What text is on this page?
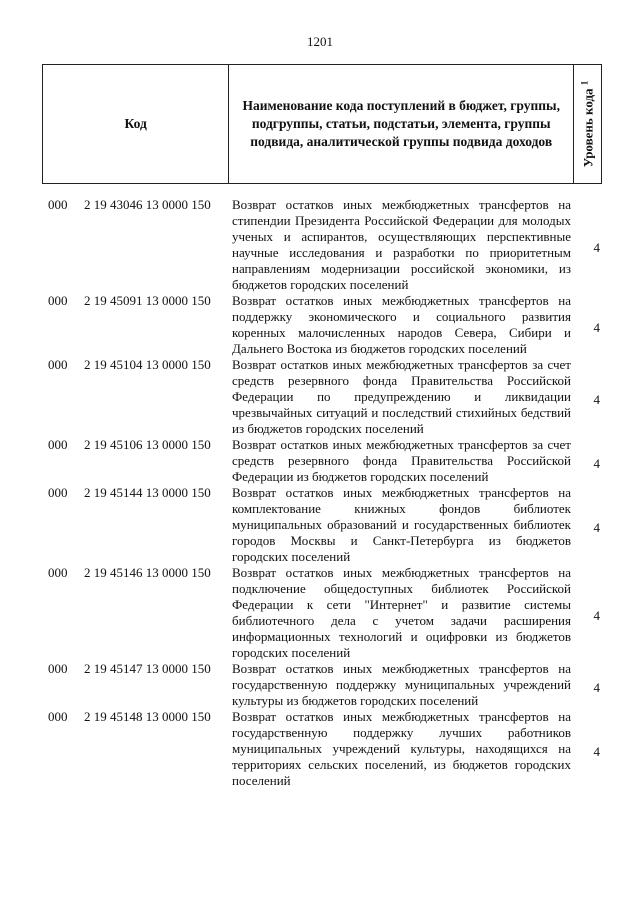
1201
Код
Наименование кода поступлений в бюджет, группы, подгруппы, статьи, подстатьи, элемента, группы подвида, аналитической группы подвида доходов	Уровень кода $^1$
000 2 19 43046 13 0000 150 Возврат остатков иных межбюджетных трансфертов на стипендии Президента Российской Федерации для молодых ученых и аспирантов, осуществляющих перспективные научные исследования и разработки по приоритетным направлениям модернизации российской экономики, из бюджетов городских поселений
4
000 2 19 45091 13 0000 150 Возврат остатков иных межбюджетных трансфертов на поддержку экономического и социального развития коренных малочисленных народов Севера, Сибири и Дальнего Востока из бюджетов городских поселений
4
000 2 19 45104 13 0000 150 Возврат остатков иных межбюджетных трансфертов за счет средств резервного фонда Правительства Российской Федерации по предупреждению и ликвидации чрезвычайных ситуаций и последствий стихийных бедствий из бюджетов городских поселений
4
000 2 19 45106 13 0000 150 Возврат остатков иных межбюджетных трансфертов за счет средств резервного фонда Правительства Российской Федерации из бюджетов городских поселений
4
000 2 19 45144 13 0000 150 Возврат остатков иных межбюджетных трансфертов на комплектование книжных фондов библиотек муниципальных образований и государственных библиотек городов Москвы и Санкт-Петербурга из бюджетов городских поселений
4
000 2 19 45146 13 0000 150 Возврат остатков иных межбюджетных трансфертов на подключение общедоступных библиотек Российской Федерации к сети "Интернет" и развитие системы библиотечного дела с учетом задачи расширения информационных технологий и оцифровки из бюджетов городских поселений
4
000 2 19 45147 13 0000 150 Возврат остатков иных межбюджетных трансфертов на государственную поддержку муниципальных учреждений культуры из бюджетов городских поселений
4
000 2 19 45148 13 0000 150 Возврат остатков иных межбюджетных трансфертов на государственную поддержку лучших работников муниципальных учреждений культуры, находящихся на территориях сельских поселений, из бюджетов городских поселений
4
